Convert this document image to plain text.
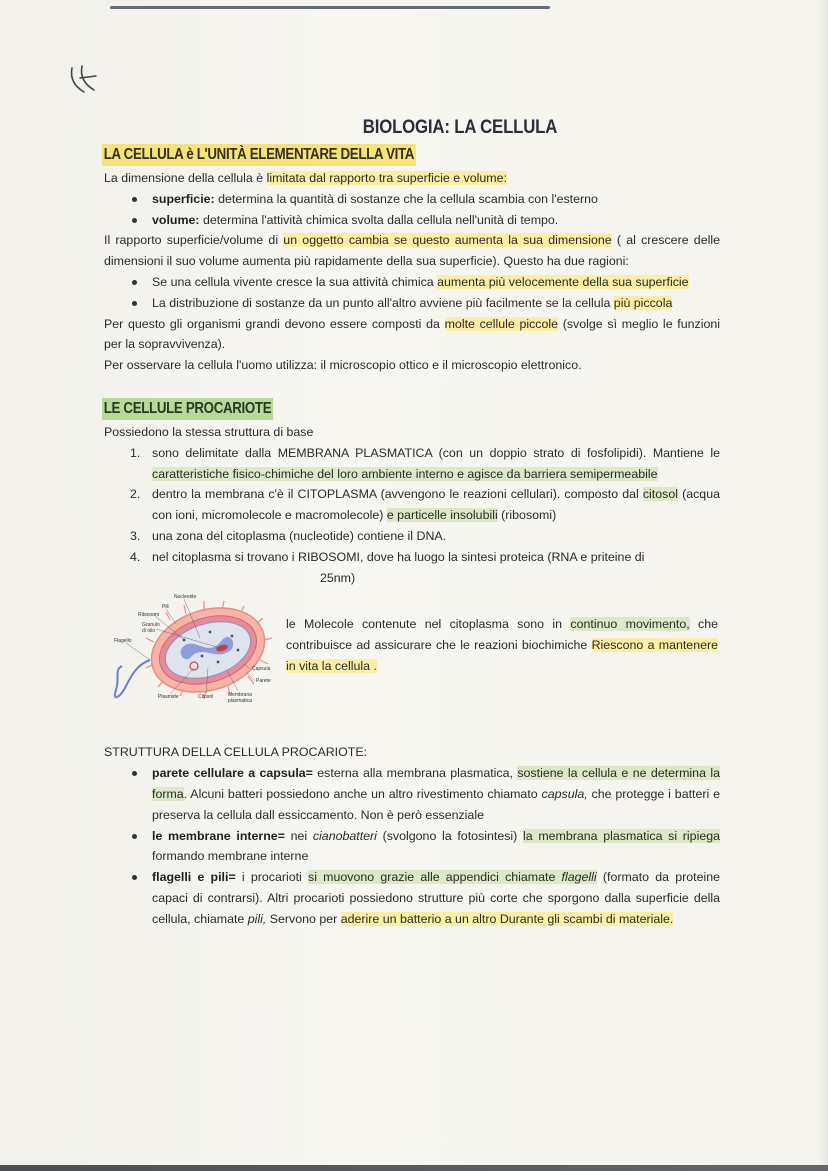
BIOLOGIA: LA CELLULA
LA CELLULA è L'UNITÀ ELEMENTARE DELLA VITA

La dimensione della cellula è limitata dal rapporto tra superficie e volume:

superficie: determina la quantità di sostanze che la cellula scambia con l'esterno
volume: determina l'attività chimica svolta dalla cellula nell'unità di tempo.

Il rapporto superficie/volume di un oggetto cambia se questo aumenta la sua dimensione ( al crescere delle dimensioni il suo volume aumenta più rapidamente della sua superficie). Questo ha due ragioni:

Se una cellula vivente cresce la sua attività chimica aumenta più velocemente della sua superficie
La distribuzione di sostanze da un punto all'altro avviene più facilmente se la cellula più piccola

Per questo gli organismi grandi devono essere composti da molte cellule piccole (svolge sì meglio le funzioni per la sopravvivenza).

Per osservare la cellula l'uomo utilizza: il microscopio ottico e il microscopio elettronico.

LE CELLULE PROCARIOTE

Possiedono la stessa struttura di base

1. sono delimitate dalla MEMBRANA PLASMATICA (con un doppio strato di fosfolipidi). Mantiene le caratteristiche fisico-chimiche del loro ambiente interno e agisce da barriera semipermeabile
2. dentro la membrana c'è il CITOPLASMA (avvengono le reazioni cellulari). composto dal citosol (acqua con ioni, micromolecole e macromolecole) e particelle insolubili (ribosomi)
3. una zona del citoplasma (nucleotide) contiene il DNA.
4. nel citoplasma si trovano i RIBOSOMI, dove ha luogo la sintesi proteica (RNA e priteine di
25nm)
Nucleoide
Pili
Ribosomi
Granulo
di olio
Flagello
Capsula
Parete
Plasmide	Citosol	Membrana
plasmatica

le Molecole contenute nel citoplasma sono in continuo movimento, che contribuisce ad assicurare che le reazioni biochimiche Riescono a mantenere in vita la cellula .

STRUTTURA DELLA CELLULA PROCARIOTE:

parete cellulare a capsula= esterna alla membrana plasmatica, sostiene la cellula e ne determina la forma. Alcuni batteri possiedono anche un altro rivestimento chiamato capsula, che protegge i batteri e preserva la cellula dall essiccamento. Non è però essenziale
le membrane interne= nei cianobatteri (svolgono la fotosintesi) la membrana plasmatica si ripiega formando membrane interne
flagelli e pili= i procarioti si muovono grazie alle appendici chiamate flagelli (formato da proteine capaci di contrarsi). Altri procarioti possiedono strutture più corte che sporgono dalla superficie della cellula, chiamate pili, Servono per aderire un batterio a un altro Durante gli scambi di materiale.
